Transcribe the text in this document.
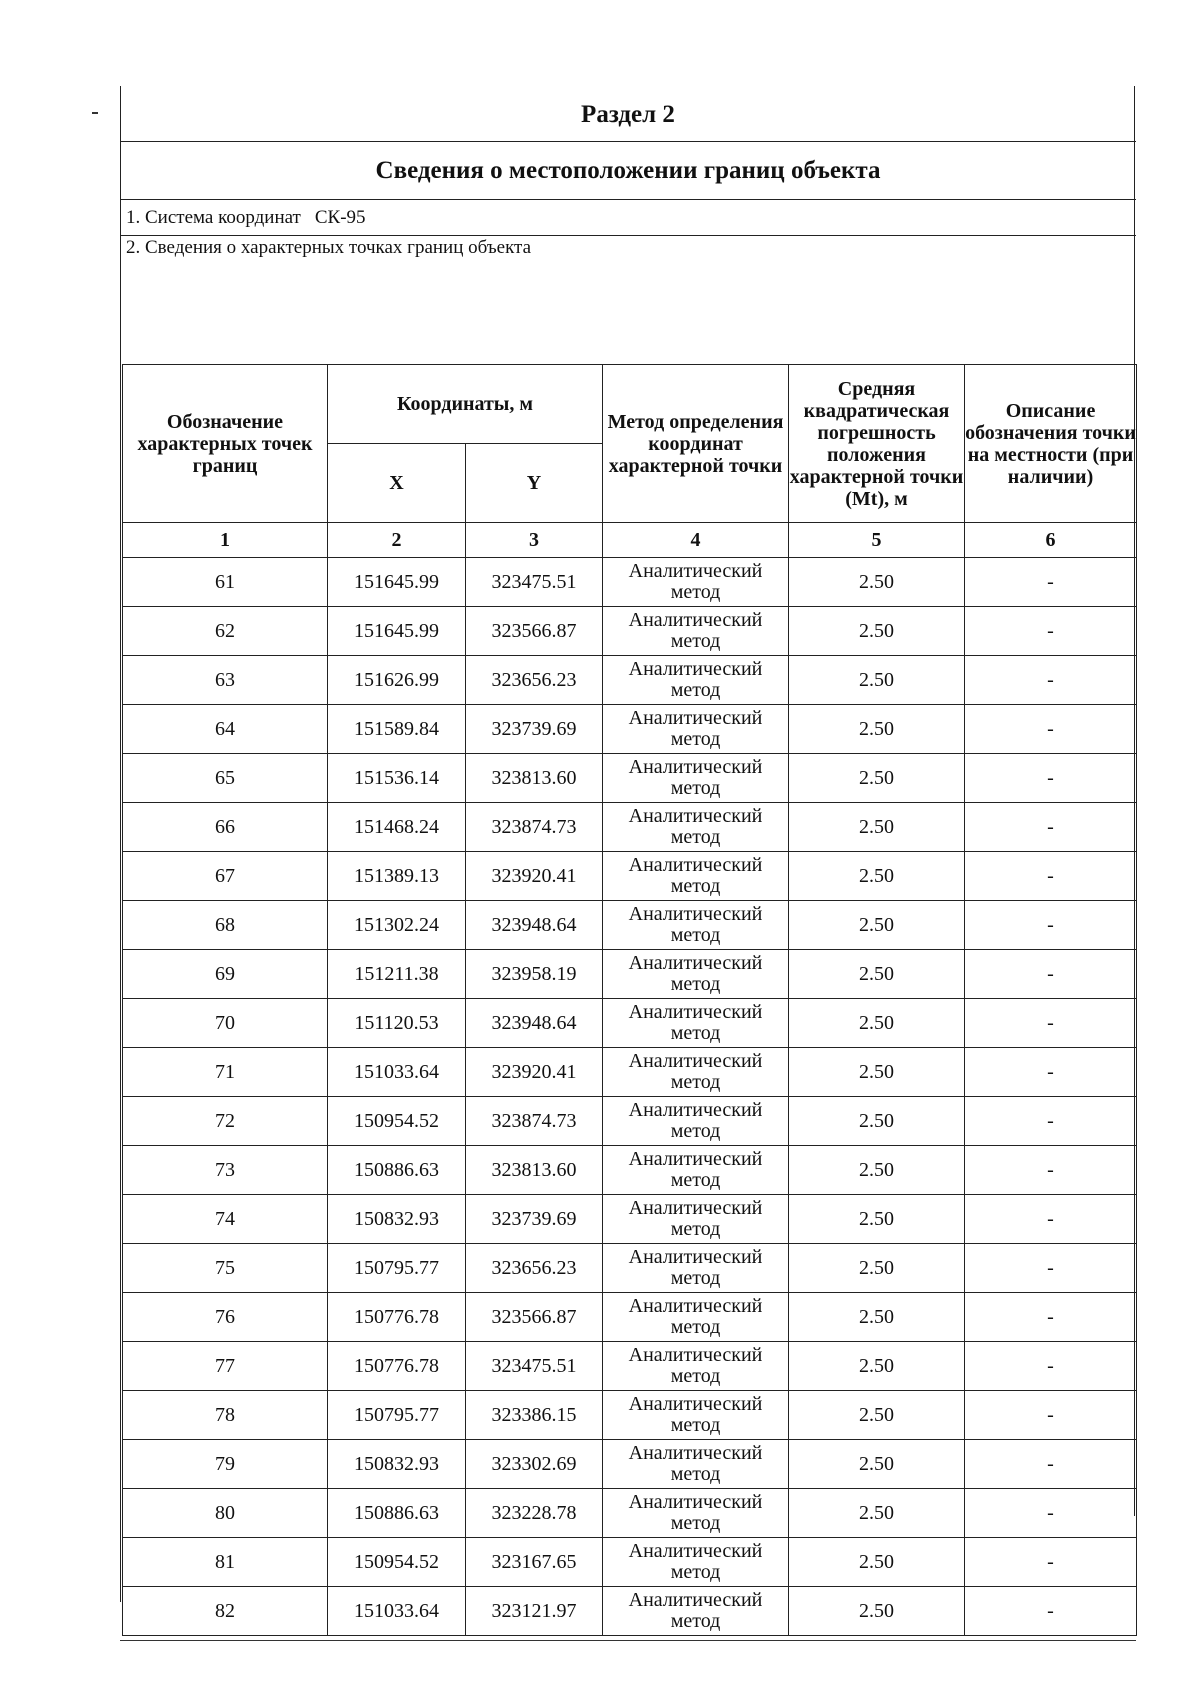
Раздел 2
Сведения о местоположении границ объекта
1. Система координат СК-95
2. Сведения о характерных точках границ объекта
Обозначение характерных точек границ	Координаты, м		Метод определения координат характерной точки	Средняя квадратическая погрешность положения характерной точки (Mt), м	Описание обозначения точки на местности (при наличии)
	X	Y			
1	2	3	4	5	6
61	151645.99	323475.51	Аналитический метод	2.50	-
62	151645.99	323566.87	Аналитический метод	2.50	-
63	151626.99	323656.23	Аналитический метод	2.50	-
64	151589.84	323739.69	Аналитический метод	2.50	-
65	151536.14	323813.60	Аналитический метод	2.50	-
66	151468.24	323874.73	Аналитический метод	2.50	-
67	151389.13	323920.41	Аналитический метод	2.50	-
68	151302.24	323948.64	Аналитический метод	2.50	-
69	151211.38	323958.19	Аналитический метод	2.50	-
70	151120.53	323948.64	Аналитический метод	2.50	-
71	151033.64	323920.41	Аналитический метод	2.50	-
72	150954.52	323874.73	Аналитический метод	2.50	-
73	150886.63	323813.60	Аналитический метод	2.50	-
74	150832.93	323739.69	Аналитический метод	2.50	-
75	150795.77	323656.23	Аналитический метод	2.50	-
76	150776.78	323566.87	Аналитический метод	2.50	-
77	150776.78	323475.51	Аналитический метод	2.50	-
78	150795.77	323386.15	Аналитический метод	2.50	-
79	150832.93	323302.69	Аналитический метод	2.50	-
80	150886.63	323228.78	Аналитический метод	2.50	-
81	150954.52	323167.65	Аналитический метод	2.50	-
82	151033.64	323121.97	Аналитический метод	2.50	-
